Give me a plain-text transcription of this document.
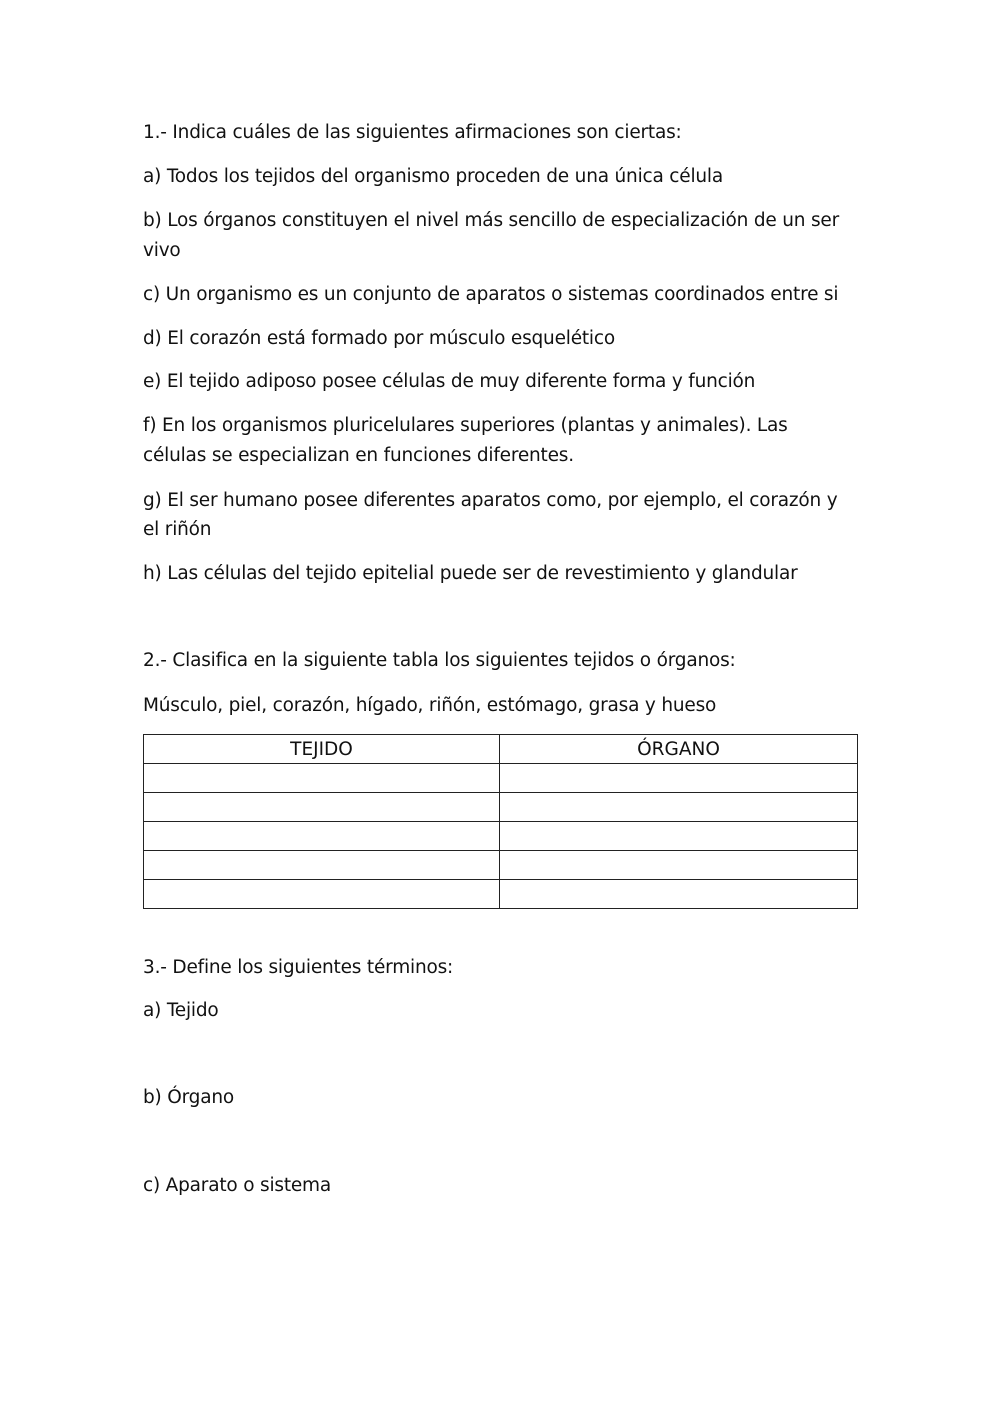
1.- Indica cuáles de las siguientes afirmaciones son ciertas:
a) Todos los tejidos del organismo proceden de una única célula
b) Los órganos constituyen el nivel más sencillo de especialización de un ser
vivo
c) Un organismo es un conjunto de aparatos o sistemas coordinados entre si
d) El corazón está formado por músculo esquelético
e) El tejido adiposo posee células de muy diferente forma y función
f) En los organismos pluricelulares superiores (plantas y animales). Las
células se especializan en funciones diferentes.
g) El ser humano posee diferentes aparatos como, por ejemplo, el corazón y
el riñón
h) Las células del tejido epitelial puede ser de revestimiento y glandular
2.- Clasifica en la siguiente tabla los siguientes tejidos o órganos:
Músculo, piel, corazón, hígado, riñón, estómago, grasa y hueso
TEJIDO	ÓRGANO

3.- Define los siguientes términos:
a) Tejido
b) Órgano
c) Aparato o sistema
